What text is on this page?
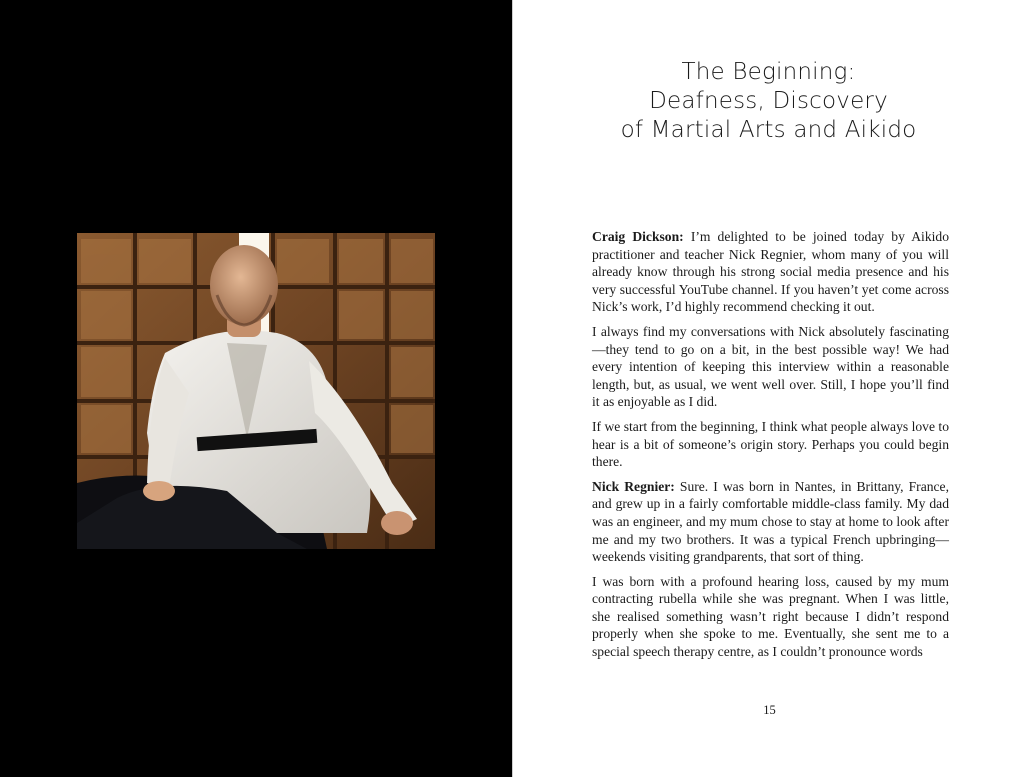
The Beginning:
Deafness, Discovery
of Martial Arts and Aikido

Craig Dickson: I’m delighted to be joined today by Aikido practitioner and teacher Nick Regnier, whom many of you will already know through his strong social media presence and his very successful YouTube channel. If you haven’t yet come across Nick’s work, I’d highly recommend checking it out.

I always find my conversations with Nick absolutely fascinating—they tend to go on a bit, in the best possible way! We had every intention of keeping this interview within a reasonable length, but, as usual, we went well over. Still, I hope you’ll find it as enjoyable as I did.

If we start from the beginning, I think what people always love to hear is a bit of someone’s origin story. Perhaps you could begin there.

Nick Regnier: Sure. I was born in Nantes, in Brittany, France, and grew up in a fairly comfortable middle-class family. My dad was an engineer, and my mum chose to stay at home to look after me and my two brothers. It was a typical French upbringing—weekends visiting grandparents, that sort of thing.

I was born with a profound hearing loss, caused by my mum contracting rubella while she was pregnant. When I was little, she realised something wasn’t right because I didn’t respond properly when she spoke to me. Eventually, she sent me to a special speech therapy centre, as I couldn’t pronounce words

15
